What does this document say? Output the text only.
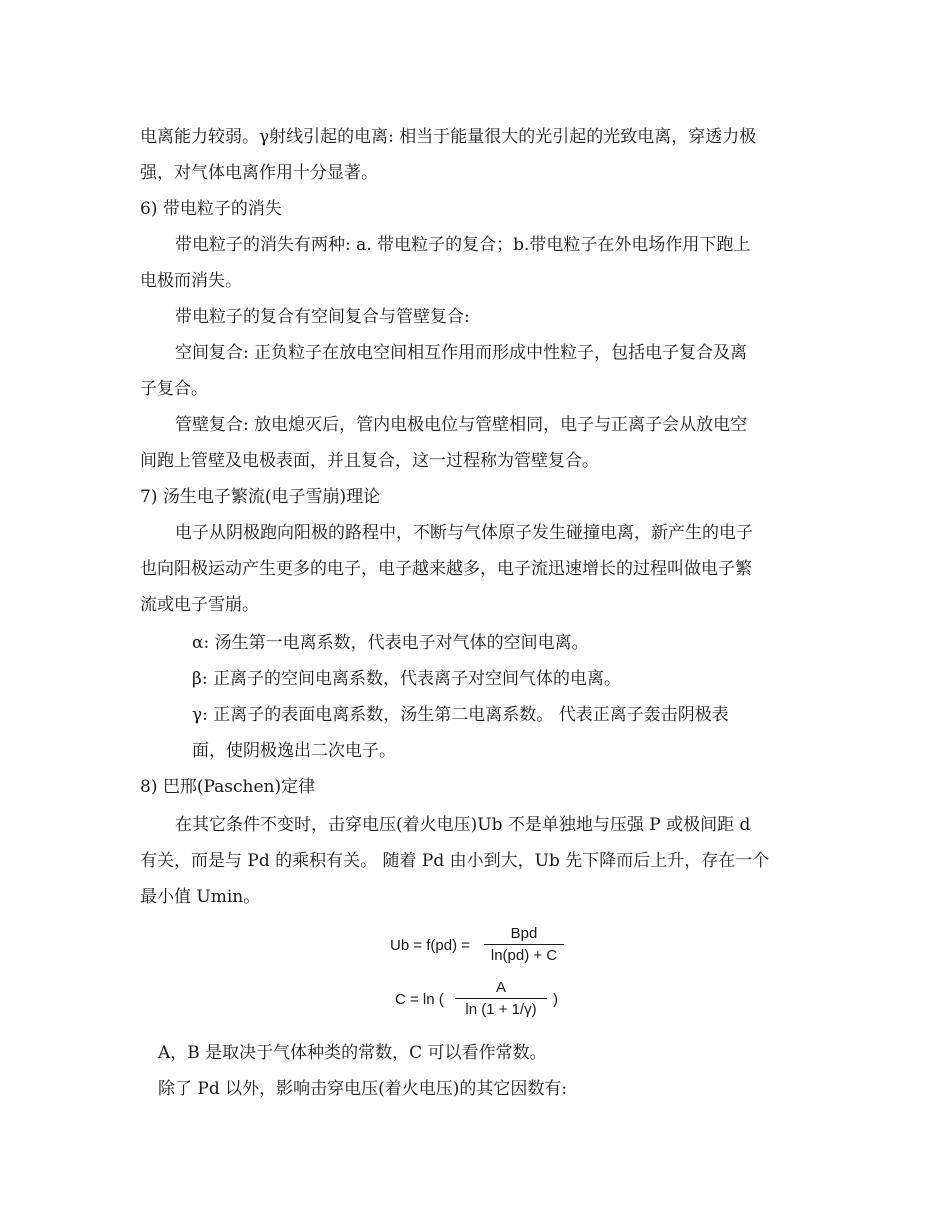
电离能力较弱。γ射线引起的电离: 相当于能量很大的光引起的光致电离，穿透力极
强，对气体电离作用十分显著。
6) 带电粒子的消失
带电粒子的消失有两种: a. 带电粒子的复合；b.带电粒子在外电场作用下跑上
电极而消失。
带电粒子的复合有空间复合与管壁复合:
空间复合: 正负粒子在放电空间相互作用而形成中性粒子，包括电子复合及离
子复合。
管壁复合: 放电熄灭后，管内电极电位与管壁相同，电子与正离子会从放电空
间跑上管壁及电极表面，并且复合，这一过程称为管壁复合。
7) 汤生电子繁流(电子雪崩)理论
电子从阴极跑向阳极的路程中，不断与气体原子发生碰撞电离，新产生的电子
也向阳极运动产生更多的电子，电子越来越多，电子流迅速增长的过程叫做电子繁
流或电子雪崩。
α: 汤生第一电离系数，代表电子对气体的空间电离。
β: 正离子的空间电离系数，代表离子对空间气体的电离。
γ: 正离子的表面电离系数，汤生第二电离系数。 代表正离子轰击阴极表
面，使阴极逸出二次电子。
8) 巴邢(Paschen)定律
在其它条件不变时，击穿电压(着火电压)Ub 不是单独地与压强 P 或极间距 d
有关，而是与 Pd 的乘积有关。 随着 Pd 由小到大，Ub 先下降而后上升，存在一个
最小值 Umin。
Ub = f(pd) =
Bpd
ln(pd) + C
C = ln (
A
ln (1 + 1/γ)
)
A，B 是取决于气体种类的常数，C 可以看作常数。
除了 Pd 以外，影响击穿电压(着火电压)的其它因数有:
